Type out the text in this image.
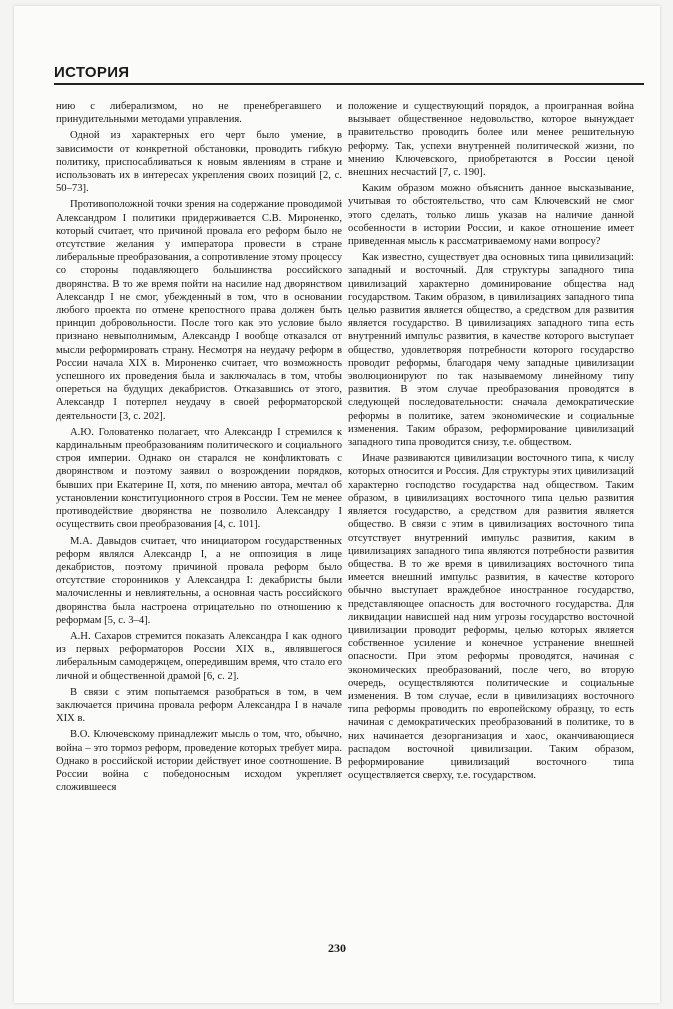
ИСТОРИЯ

нию с либерализмом, но не пренебрегавшего и принудительными методами управления.

Одной из характерных его черт было умение, в зависимости от конкретной обстановки, проводить гибкую политику, приспосабливаться к новым явлениям в стране и использовать их в интересах укрепления своих позиций [2, с. 50–73].

Противоположной точки зрения на содержание проводимой Александром I политики придерживается С.В. Мироненко, который считает, что причиной провала его реформ было не отсутствие желания у императора провести в стране либеральные преобразования, а сопротивление этому процессу со стороны подавляющего большинства российского дворянства. В то же время пойти на насилие над дворянством Александр I не смог, убежденный в том, что в основании любого проекта по отмене крепостного права должен быть принцип добровольности. После того как это условие было признано невыполнимым, Александр I вообще отказался от мысли реформировать страну. Несмотря на неудачу реформ в России начала XIX в. Мироненко считает, что возможность успешного их проведения была и заключалась в том, чтобы опереться на будущих декабристов. Отказавшись от этого, Александр I потерпел неудачу в своей реформаторской деятельности [3, с. 202].

А.Ю. Головатенко полагает, что Александр I стремился к кардинальным преобразованиям политического и социального строя империи. Однако он старался не конфликтовать с дворянством и поэтому заявил о возрождении порядков, бывших при Екатерине II, хотя, по мнению автора, мечтал об установлении конституционного строя в России. Тем не менее противодействие дворянства не позволило Александру I осуществить свои преобразования [4, с. 101].

М.А. Давыдов считает, что инициатором государственных реформ являлся Александр I, а не оппозиция в лице декабристов, поэтому причиной провала реформ было отсутствие сторонников у Александра I: декабристы были малочисленны и невлиятельны, а основная часть российского дворянства была настроена отрицательно по отношению к реформам [5, с. 3–4].

А.Н. Сахаров стремится показать Александра I как одного из первых реформаторов России XIX в., являвшегося либеральным самодержцем, опередившим время, что стало его личной и общественной драмой [6, с. 2].

В связи с этим попытаемся разобраться в том, в чем заключается причина провала реформ Александра I в начале XIX в.

В.О. Ключевскому принадлежит мысль о том, что, обычно, война – это тормоз реформ, проведение которых требует мира. Однако в российской истории действует иное соотношение. В России война с победоносным исходом укрепляет сложившееся

положение и существующий порядок, а проигранная война вызывает общественное недовольство, которое вынуждает правительство проводить более или менее решительную реформу. Так, успехи внутренней политической жизни, по мнению Ключевского, приобретаются в России ценой внешних несчастий [7, с. 190].

Каким образом можно объяснить данное высказывание, учитывая то обстоятельство, что сам Ключевский не смог этого сделать, только лишь указав на наличие данной особенности в истории России, и какое отношение имеет приведенная мысль к рассматриваемому нами вопросу?

Как известно, существует два основных типа цивилизаций: западный и восточный. Для структуры западного типа цивилизаций характерно доминирование общества над государством. Таким образом, в цивилизациях западного типа целью развития является общество, а средством для развития является государство. В цивилизациях западного типа есть внутренний импульс развития, в качестве которого выступает общество, удовлетворяя потребности которого государство проводит реформы, благодаря чему западные цивилизации эволюционируют по так называемому линейному типу развития. В этом случае преобразования проводятся в следующей последовательности: сначала демократические реформы в политике, затем экономические и социальные изменения. Таким образом, реформирование цивилизаций западного типа проводится снизу, т.е. обществом.

Иначе развиваются цивилизации восточного типа, к числу которых относится и Россия. Для структуры этих цивилизаций характерно господство государства над обществом. Таким образом, в цивилизациях восточного типа целью развития является государство, а средством для развития является общество. В связи с этим в цивилизациях восточного типа отсутствует внутренний импульс развития, каким в цивилизациях западного типа являются потребности развития общества. В то же время в цивилизациях восточного типа имеется внешний импульс развития, в качестве которого обычно выступает враждебное иностранное государство, представляющее опасность для восточного государства. Для ликвидации нависшей над ним угрозы государство восточной цивилизации проводит реформы, целью которых является собственное усиление и конечное устранение внешней опасности. При этом реформы проводятся, начиная с экономических преобразований, после чего, во вторую очередь, осуществляются политические и социальные изменения. В том случае, если в цивилизациях восточного типа реформы проводить по европейскому образцу, то есть начиная с демократических преобразований в политике, то в них начинается дезорганизация и хаос, оканчивающиеся распадом восточной цивилизации. Таким образом, реформирование цивилизаций восточного типа осуществляется сверху, т.е. государством.

230
